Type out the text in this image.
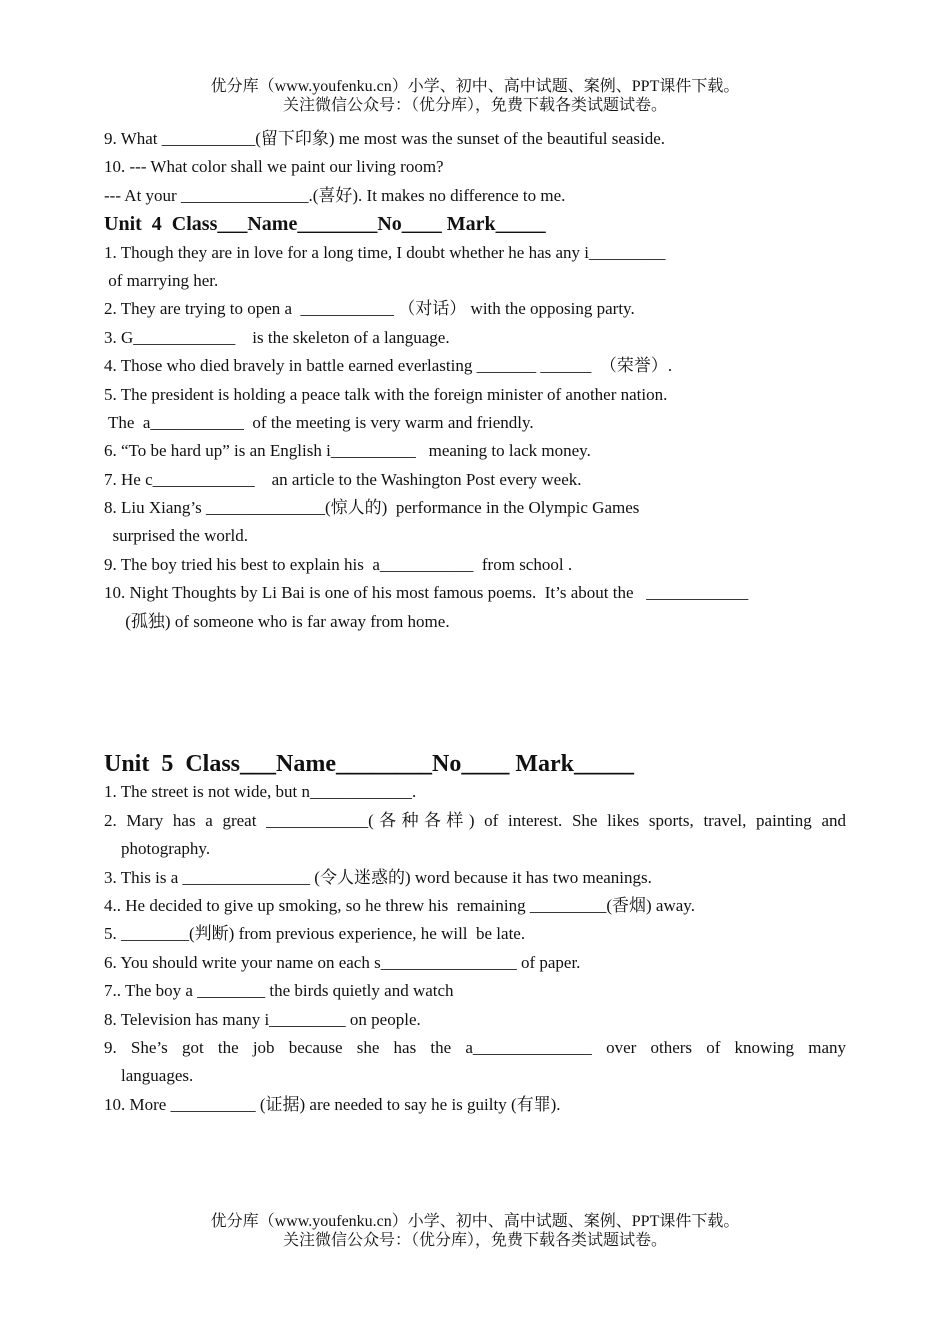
优分库（www.youfenku.cn）小学、初中、高中试题、案例、PPT课件下载。
关注微信公众号：（优分库），免费下载各类试题试卷。
9. What ___________(留下印象) me most was the sunset of the beautiful seaside.
10. --- What color shall we paint our living room?
--- At your _______________.(喜好). It makes no difference to me.
Unit  4  Class___Name________No____ Mark_____
1. Though they are in love for a long time, I doubt whether he has any i_________
of marrying her.
2. They are trying to open a  ___________ （对话） with the opposing party.
3. G____________    is the skeleton of a language.
4. Those who died bravely in battle earned everlasting _______ ______  （荣誉）.
5. The president is holding a peace talk with the foreign minister of another nation.
The  a___________  of the meeting is very warm and friendly.
6. “To be hard up” is an English i__________   meaning to lack money.
7. He c____________    an article to the Washington Post every week.
8. Liu Xiang’s ______________(惊人的)  performance in the Olympic Games
surprised the world.
9. The boy tried his best to explain his  a___________  from school .
10. Night Thoughts by Li Bai is one of his most famous poems.  It’s about the   ____________
(孤独) of someone who is far away from home.
Unit  5  Class___Name________No____ Mark_____
1. The street is not wide, but n____________.
2. Mary has a great ____________(各种各样) of interest. She likes sports, travel, painting and
photography.
3. This is a _______________ (令人迷惑的) word because it has two meanings.
4.. He decided to give up smoking, so he threw his  remaining _________(香烟) away.
5. ________(判断) from previous experience, he will  be late.
6. You should write your name on each s________________ of paper.
7.. The boy a ________ the birds quietly and watch
8. Television has many i_________ on people.
9. She’s got the job because she has the a______________ over others of knowing many
languages.
10. More __________ (证据) are needed to say he is guilty (有罪).
优分库（www.youfenku.cn）小学、初中、高中试题、案例、PPT课件下载。
关注微信公众号：（优分库），免费下载各类试题试卷。
